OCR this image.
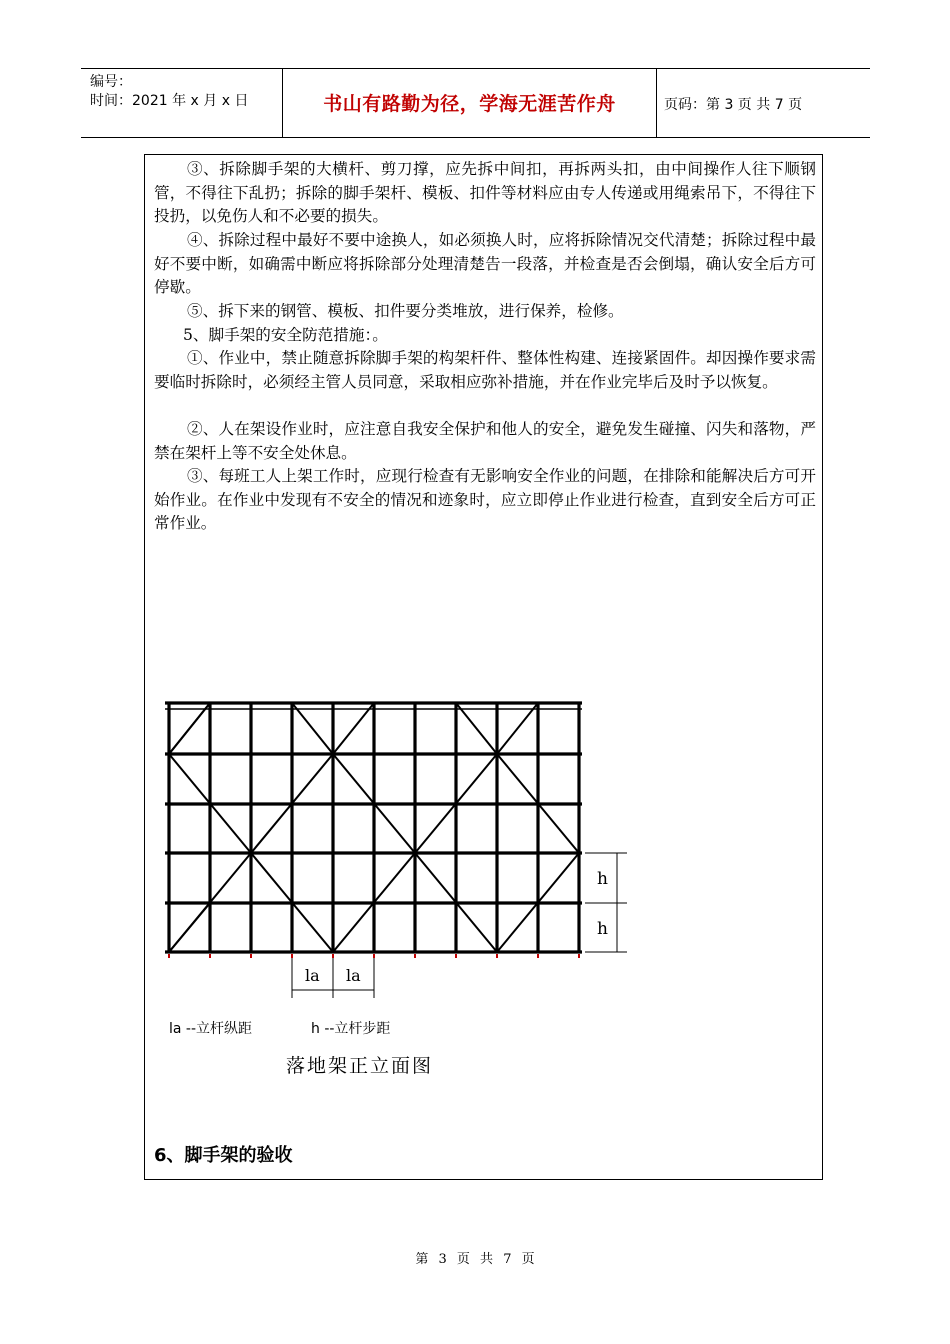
编号：
时间：2021 年 x 月 x 日	书山有路勤为径，学海无涯苦作舟	页码：第 3 页 共 7 页

③、拆除脚手架的大横杆、剪刀撑，应先拆中间扣，再拆两头扣，由中间操作人往下顺钢管，不得往下乱扔；拆除的脚手架杆、模板、扣件等材料应由专人传递或用绳索吊下，不得往下投扔，以免伤人和不必要的损失。

④、拆除过程中最好不要中途换人，如必须换人时，应将拆除情况交代清楚；拆除过程中最好不要中断，如确需中断应将拆除部分处理清楚告一段落，并检查是否会倒塌，确认安全后方可停歇。

⑤、拆下来的钢管、模板、扣件要分类堆放，进行保养，检修。

5、脚手架的安全防范措施：。

①、作业中，禁止随意拆除脚手架的构架杆件、整体性构建、连接紧固件。却因操作要求需要临时拆除时，必须经主管人员同意，采取相应弥补措施，并在作业完毕后及时予以恢复。

②、人在架设作业时，应注意自我安全保护和他人的安全，避免发生碰撞、闪失和落物，严禁在架杆上等不安全处休息。

③、每班工人上架工作时，应现行检查有无影响安全作业的问题，在排除和能解决后方可开始作业。在作业中发现有不安全的情况和迹象时，应立即停止作业进行检查，直到安全后方可正常作业。

h
h
la la
la --立杆纵距	h --立杆步距
落地架正立面图
6、脚手架的验收
第 3 页 共 7 页
